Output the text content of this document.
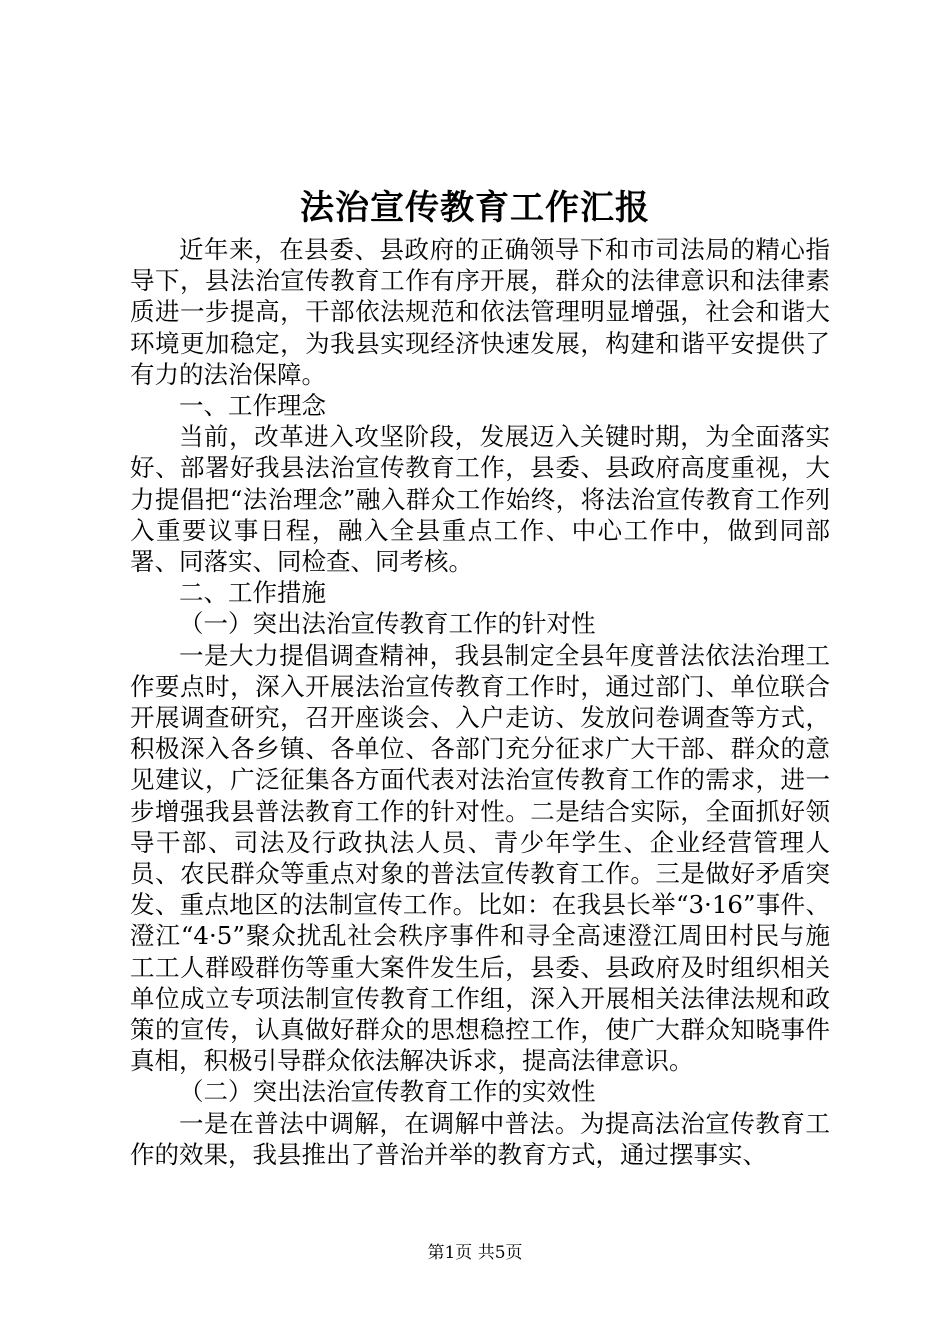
法治宣传教育工作汇报

近年来，在县委、县政府的正确领导下和市司法局的精心指导下，县法治宣传教育工作有序开展，群众的法律意识和法律素质进一步提高，干部依法规范和依法管理明显增强，社会和谐大环境更加稳定，为我县实现经济快速发展，构建和谐平安提供了有力的法治保障。

一、工作理念

当前，改革进入攻坚阶段，发展迈入关键时期，为全面落实好、部署好我县法治宣传教育工作，县委、县政府高度重视，大力提倡把“法治理念”融入群众工作始终，将法治宣传教育工作列入重要议事日程，融入全县重点工作、中心工作中，做到同部署、同落实、同检查、同考核。

二、工作措施

（一）突出法治宣传教育工作的针对性

一是大力提倡调查精神，我县制定全县年度普法依法治理工作要点时，深入开展法治宣传教育工作时，通过部门、单位联合开展调查研究，召开座谈会、入户走访、发放问卷调查等方式，积极深入各乡镇、各单位、各部门充分征求广大干部、群众的意见建议，广泛征集各方面代表对法治宣传教育工作的需求，进一步增强我县普法教育工作的针对性。二是结合实际，全面抓好领导干部、司法及行政执法人员、青少年学生、企业经营管理人员、农民群众等重点对象的普法宣传教育工作。三是做好矛盾突发、重点地区的法制宣传工作。比如：在我县长举“3·16”事件、澄江“4·5”聚众扰乱社会秩序事件和寻全高速澄江周田村民与施工工人群殴群伤等重大案件发生后，县委、县政府及时组织相关单位成立专项法制宣传教育工作组，深入开展相关法律法规和政策的宣传，认真做好群众的思想稳控工作，使广大群众知晓事件真相，积极引导群众依法解决诉求，提高法律意识。

（二）突出法治宣传教育工作的实效性

一是在普法中调解，在调解中普法。为提高法治宣传教育工作的效果，我县推出了普治并举的教育方式，通过摆事实、

第1页 共5页
